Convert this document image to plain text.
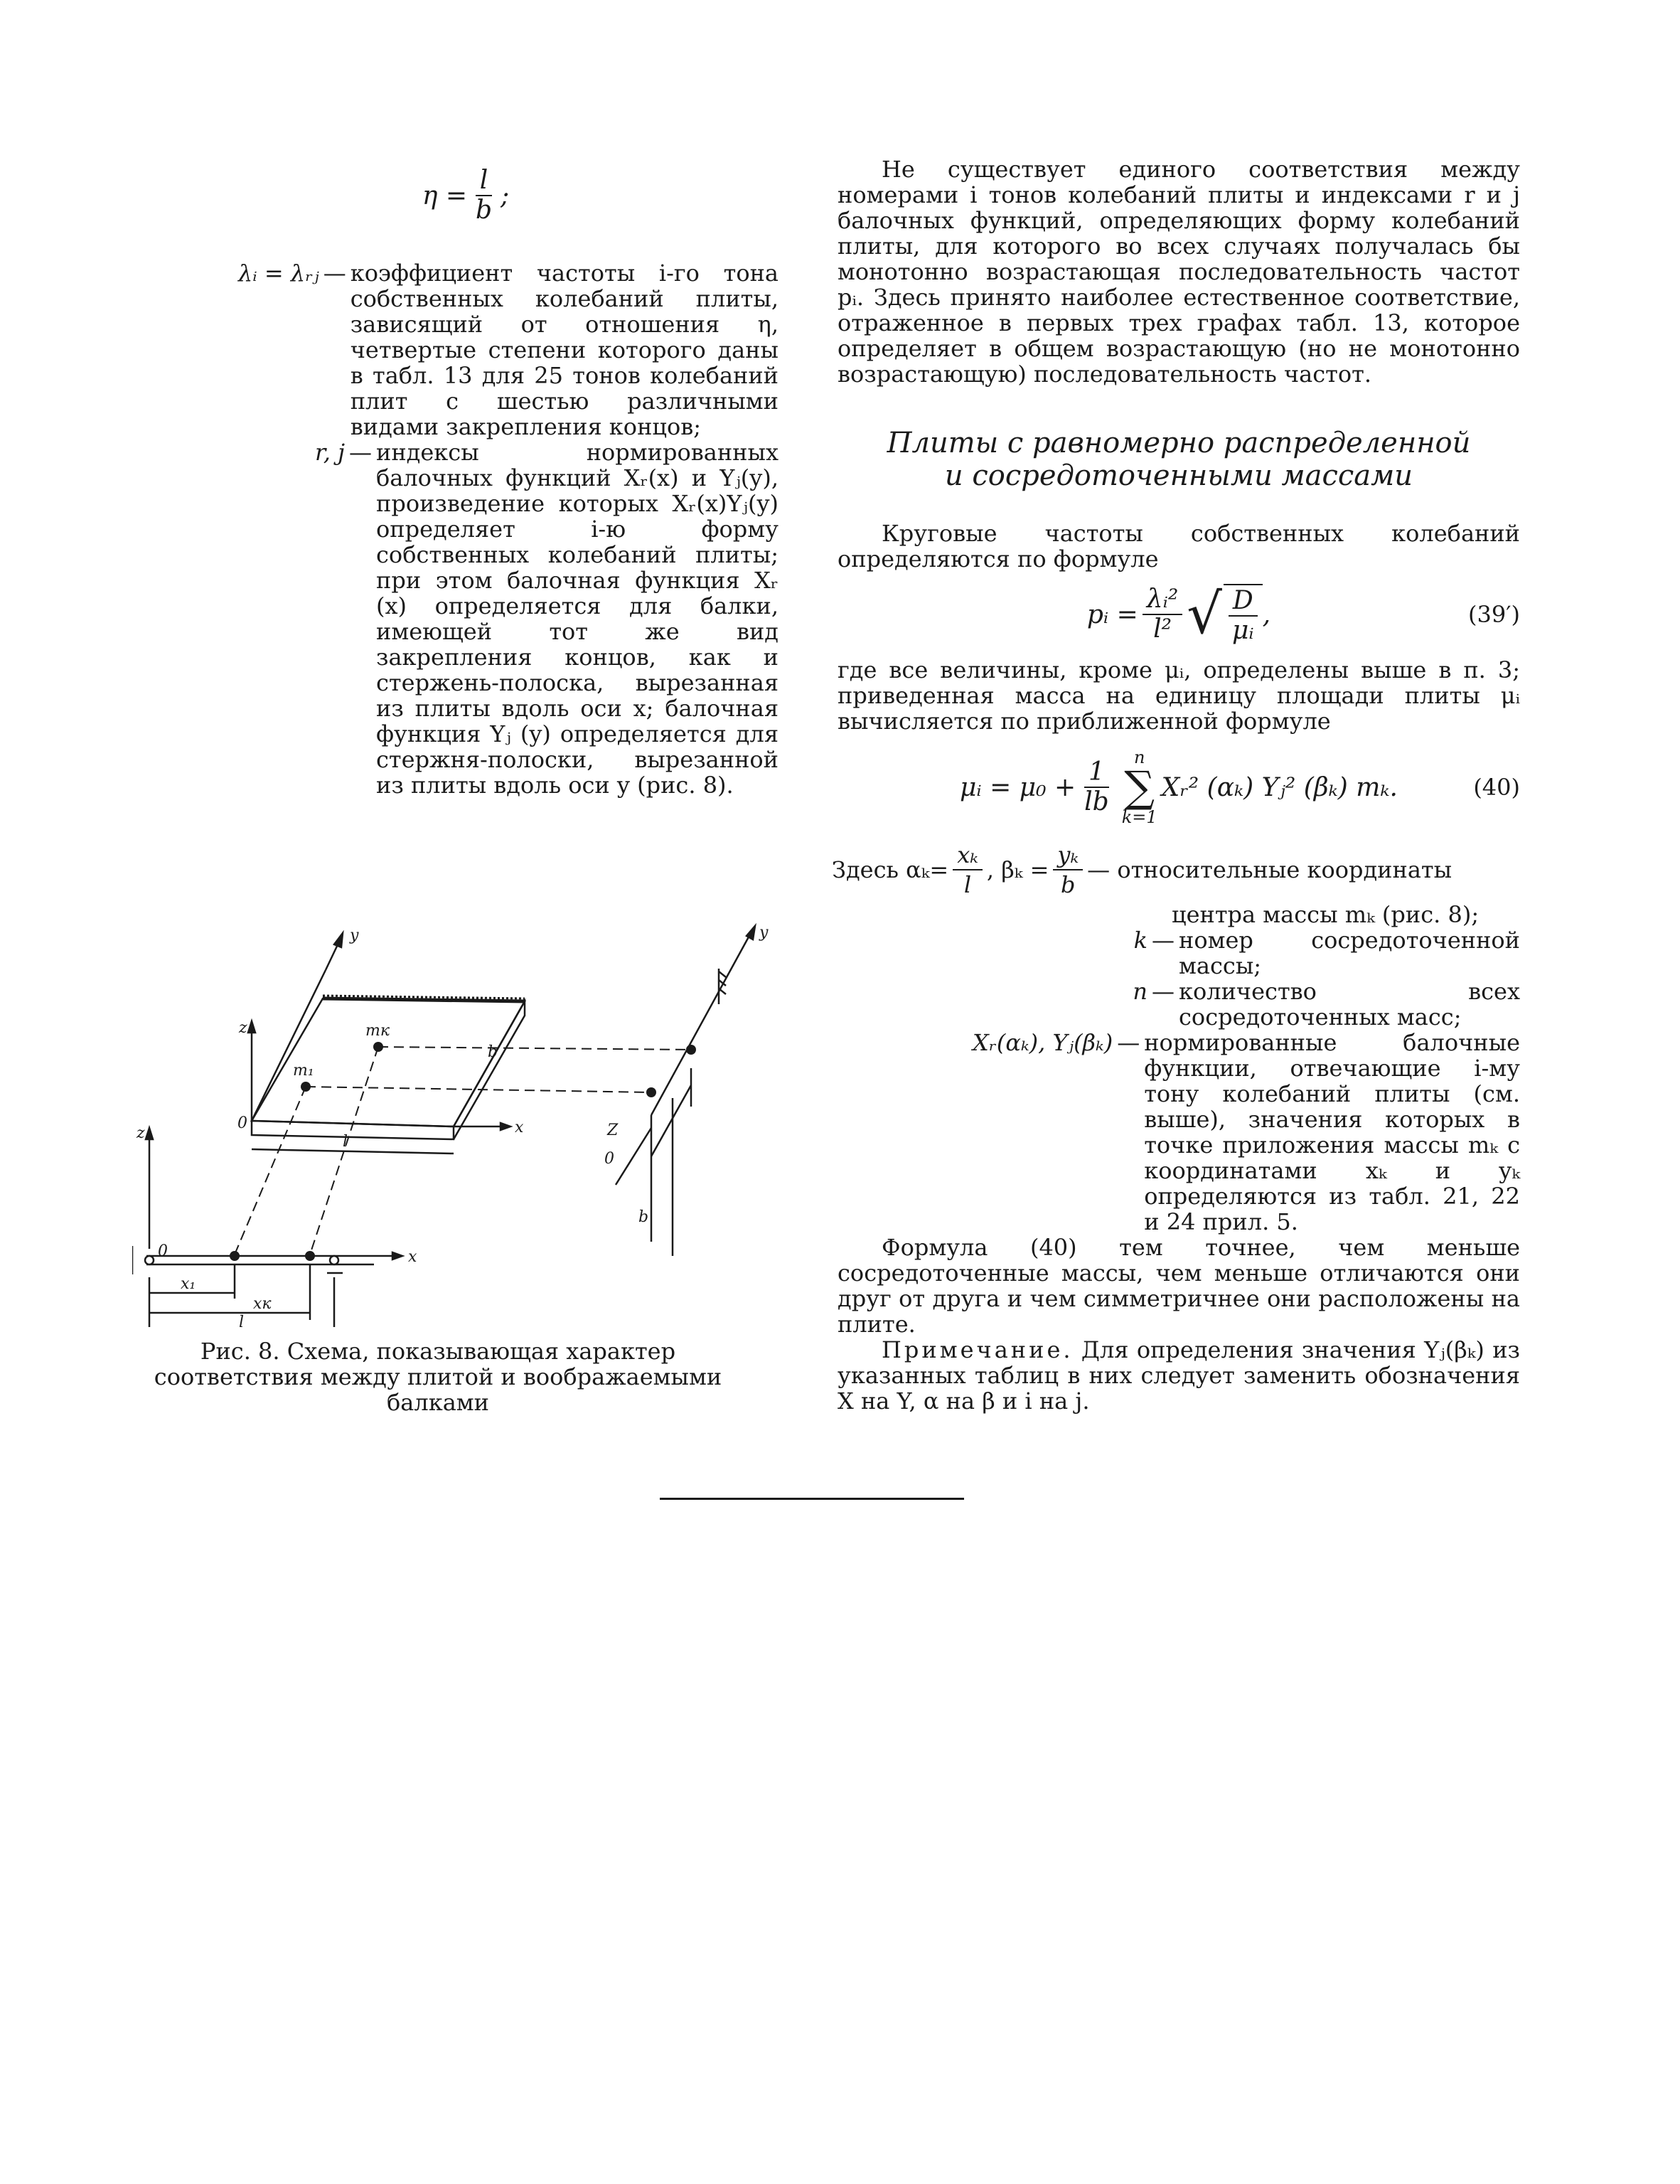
$\eta = \frac{l}{b}$ ;
λᵢ = λᵣⱼ — коэффициент частоты i-го тона собственных колебаний плиты, зависящий от отношения η, четвертые степени которого даны в табл. 13 для 25 тонов колебаний плит с шестью различными видами закрепления концов;
r, j — индексы нормированных балочных функций Xᵣ(x) и Yⱼ(y), произведение которых Xᵣ(x)Yⱼ(y) определяет i-ю форму собственных колебаний плиты; при этом балочная функция Xᵣ (x) определяется для балки, имеющей тот же вид закрепления концов, как и стержень-полоска, вырезанная из плиты вдоль оси x; балочная функция Yⱼ (y) определяется для стержня-полоски, вырезанной из плиты вдоль оси y (рис. 8).
y	y
z
z	Z
x
x
0
0
0
mк
m₁
l
l
x₁
xк
b
b
Рис. 8. Схема, показывающая характер соответствия между плитой и воображаемыми балками

Не существует единого соответствия между номерами i тонов колебаний плиты и индексами r и j балочных функций, определяющих форму колебаний плиты, для которого во всех случаях получалась бы монотонно возрастающая последовательность частот pᵢ. Здесь принято наиболее естественное соответствие, отраженное в первых трех графах табл. 13, которое определяет в общем возрастающую (но не монотонно возрастающую) последовательность частот.

Плиты с равномерно распределенной
и сосредоточенными массами

Круговые частоты собственных колебаний определяются по формуле

pᵢ = $\frac{\text{λᵢ²}}{\text{l²}}$ √ $\frac{D}{\text{μᵢ}}$ ,	(39′)

где все величины, кроме μᵢ, определены выше в п. 3; приведенная масса на единицу площади плиты μᵢ вычисляется по приближенной формуле

μᵢ = $\mu_0 + \frac{1}{lb}$
n
∑
k=1
Xᵣ² (αₖ) Yⱼ² (βₖ) mₖ.	(40)
Здесь $\alpha_k= \frac{\text{xₖ}}{l}$ , $\beta_k = \frac{\text{yₖ}}{b}$ — относительные координаты
центра массы mₖ (рис. 8);
k — номер сосредоточенной массы;
n — количество всех сосредоточенных масс;
Xᵣ(αₖ), Yⱼ(βₖ) — нормированные балочные функции, отвечающие i-му тону колебаний плиты (см. выше), значения которых в точке приложения массы mₖ с координатами xₖ и yₖ определяются из табл. 21, 22 и 24 прил. 5.

Формула (40) тем точнее, чем меньше сосредоточенные массы, чем меньше отличаются они друг от друга и чем симметричнее они расположены на плите.

Примечание. Для определения значения Yⱼ(βₖ) из указанных таблиц в них следует заменить обозначения X на Y, α на β и i на j.
